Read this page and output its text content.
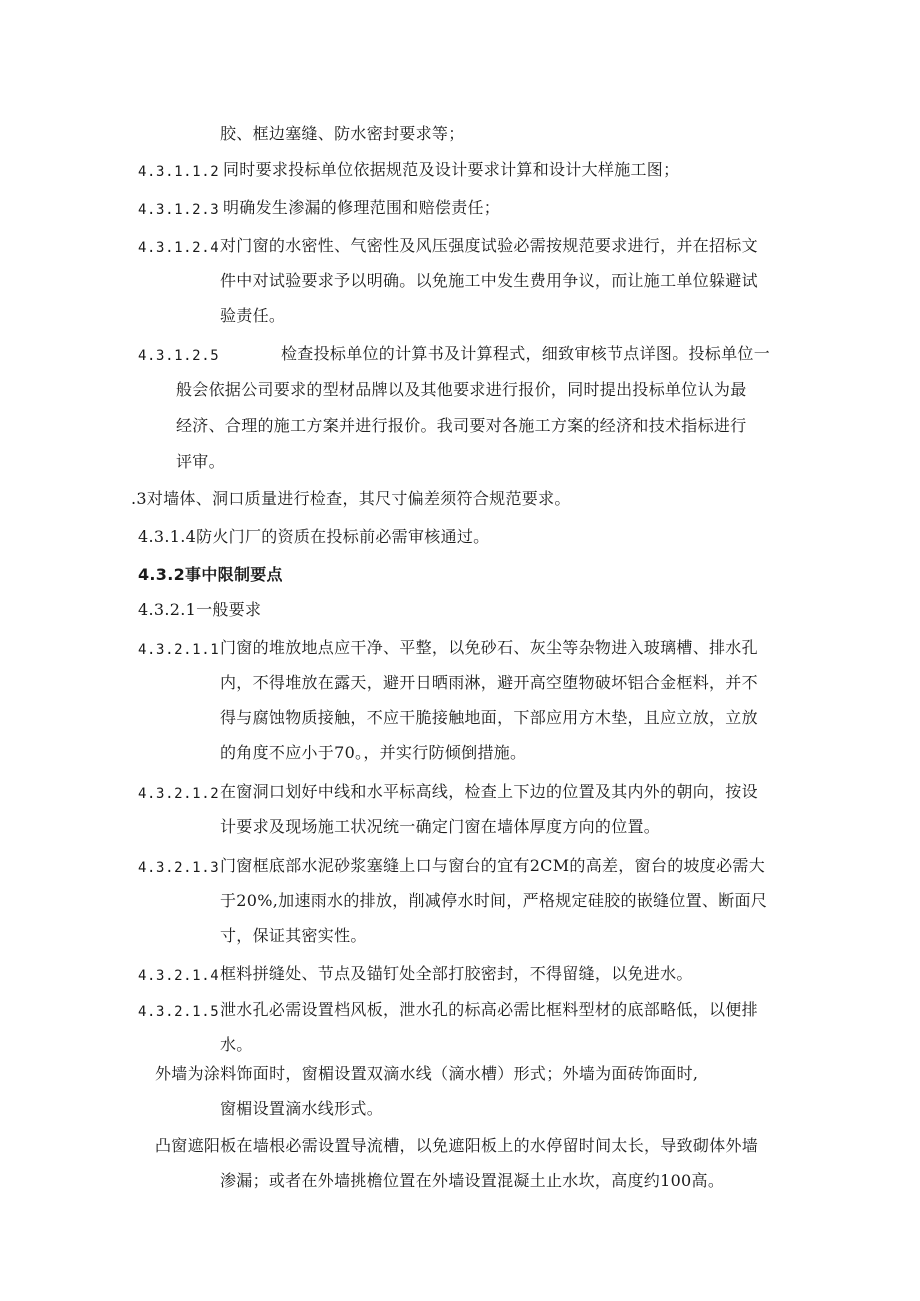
胶、框边塞缝、防水密封要求等；
4.3.1.1.2 同时要求投标单位依据规范及设计要求计算和设计大样施工图；
4.3.1.2.3 明确发生渗漏的修理范围和赔偿责任；
4.3.1.2.4 对门窗的水密性、气密性及风压强度试验必需按规范要求进行，并在招标文
件中对试验要求予以明确。以免施工中发生费用争议，而让施工单位躲避试
验责任。
4.3.1.2.5	检查投标单位的计算书及计算程式，细致审核节点详图。投标单位一
般会依据公司要求的型材品牌以及其他要求进行报价，同时提出投标单位认为最
经济、合理的施工方案并进行报价。我司要对各施工方案的经济和技术指标进行
评审。
.3对墙体、洞口质量进行检查，其尺寸偏差须符合规范要求。
4.3.1.4防火门厂的资质在投标前必需审核通过。
4.3.2事中限制要点
4.3.2.1一般要求
4.3.2.1.1 门窗的堆放地点应干净、平整，以免砂石、灰尘等杂物进入玻璃槽、排水孔
内，不得堆放在露天，避开日晒雨淋，避开高空堕物破坏铝合金框料，并不
得与腐蚀物质接触，不应干脆接触地面，下部应用方木垫，且应立放，立放
的角度不应小于70。，并实行防倾倒措施。
4.3.2.1.2 在窗洞口划好中线和水平标高线，检查上下边的位置及其内外的朝向，按设
计要求及现场施工状况统一确定门窗在墙体厚度方向的位置。
4.3.2.1.3 门窗框底部水泥砂浆塞缝上口与窗台的宜有2CM的高差，窗台的坡度必需大
于20%,加速雨水的排放，削减停水时间，严格规定硅胶的嵌缝位置、断面尺
寸，保证其密实性。
4.3.2.1.4 框料拼缝处、节点及锚钉处全部打胶密封，不得留缝，以免进水。
4.3.2.1.5 泄水孔必需设置档风板，泄水孔的标高必需比框料型材的底部略低，以便排
水。
外墙为涂料饰面时，窗楣设置双滴水线（滴水槽）形式；外墙为面砖饰面时,
窗楣设置滴水线形式。
凸窗遮阳板在墙根必需设置导流槽，以免遮阳板上的水停留时间太长，导致砌体外墙
渗漏；或者在外墙挑檐位置在外墙设置混凝土止水坎，高度约100高。
